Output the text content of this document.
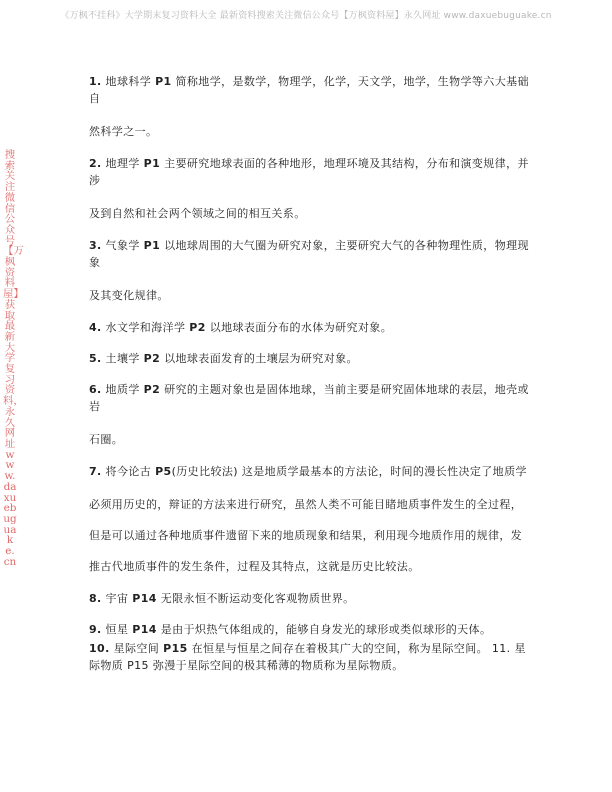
《万枫不挂科》大学期末复习资料大全 最新资料搜索关注微信公众号【万枫资料屋】永久网址 www.daxuebuguake.cn
搜索关注微信公众号【万枫资料屋】获取最新大学复习资料，永久网址www.daxuebuguake.cn

1. 地球科学 P1 简称地学，是数学，物理学，化学，天文学，地学，生物学等六大基础自

然科学之一。

2. 地理学 P1 主要研究地球表面的各种地形，地理环境及其结构，分布和演变规律，并涉

及到自然和社会两个领域之间的相互关系。

3. 气象学 P1 以地球周围的大气圈为研究对象，主要研究大气的各种物理性质，物理现象

及其变化规律。

4. 水文学和海洋学 P2 以地球表面分布的水体为研究对象。

5. 土壤学 P2 以地球表面发育的土壤层为研究对象。

6. 地质学 P2 研究的主题对象也是固体地球，当前主要是研究固体地球的表层，地壳或岩

石圈。

7. 将今论古 P5(历史比较法) 这是地质学最基本的方法论，时间的漫长性决定了地质学

必须用历史的，辩证的方法来进行研究，虽然人类不可能目睹地质事件发生的全过程，

但是可以通过各种地质事件遗留下来的地质现象和结果，利用现今地质作用的规律，发

推古代地质事件的发生条件，过程及其特点，这就是历史比较法。

8. 宇宙 P14 无限永恒不断运动变化客观物质世界。

9. 恒星 P14 是由于炽热气体组成的，能够自身发光的球形或类似球形的天体。

10. 星际空间 P15 在恒星与恒星之间存在着极其广大的空间，称为星际空间。 11. 星际物质 P15 弥漫于星际空间的极其稀薄的物质称为星际物质。
